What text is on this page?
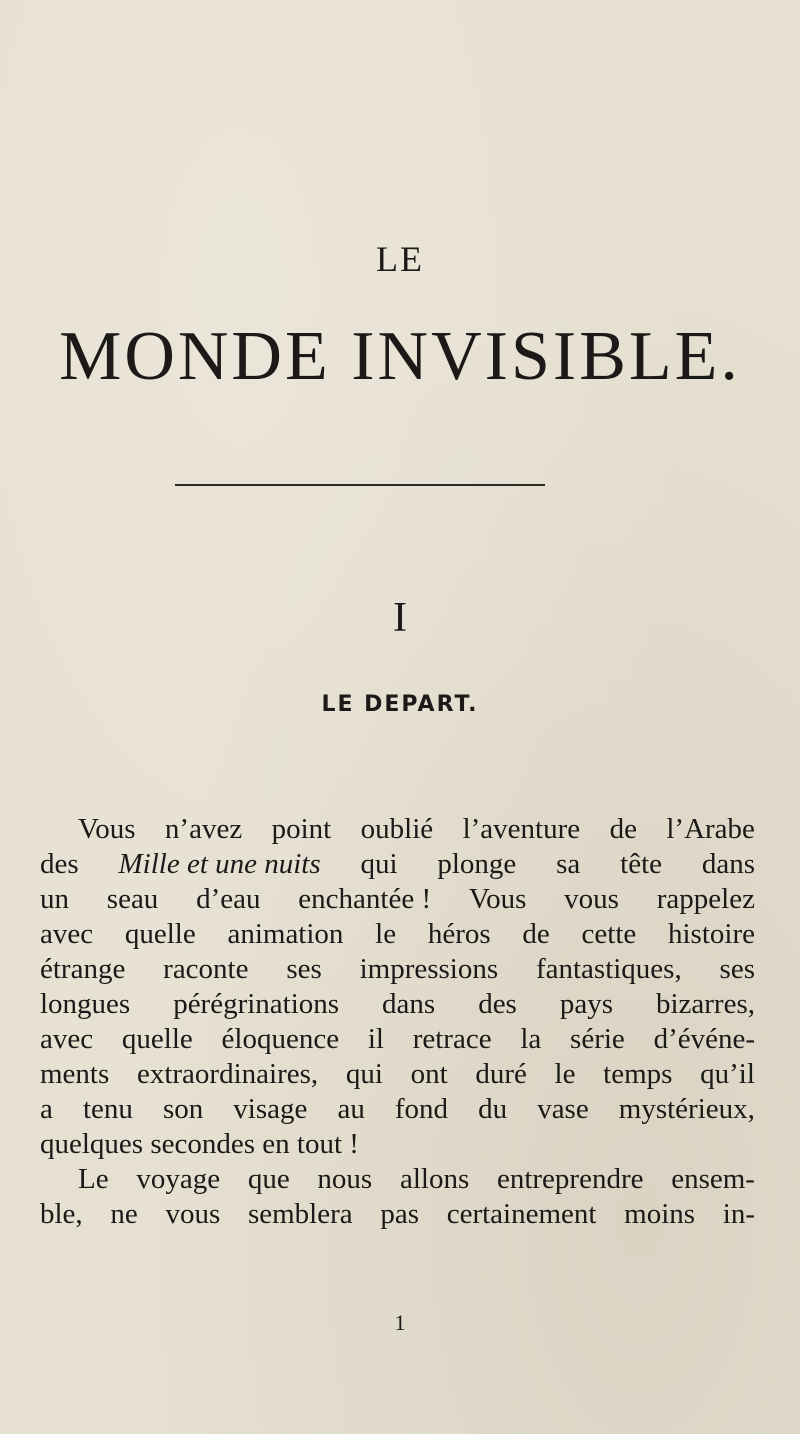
LE
MONDE INVISIBLE.
I
LE DEPART.
Vous n’avez point oublié l’aventure de l’Arabe
des Mille et une nuits qui plonge sa tête dans
un seau d’eau enchantée ! Vous vous rappelez
avec quelle animation le héros de cette histoire
étrange raconte ses impressions fantastiques, ses
longues pérégrinations dans des pays bizarres,
avec quelle éloquence il retrace la série d’événe-
ments extraordinaires, qui ont duré le temps qu’il
a tenu son visage au fond du vase mystérieux,
quelques secondes en tout !
Le voyage que nous allons entreprendre ensem-
ble, ne vous semblera pas certainement moins in-
1
